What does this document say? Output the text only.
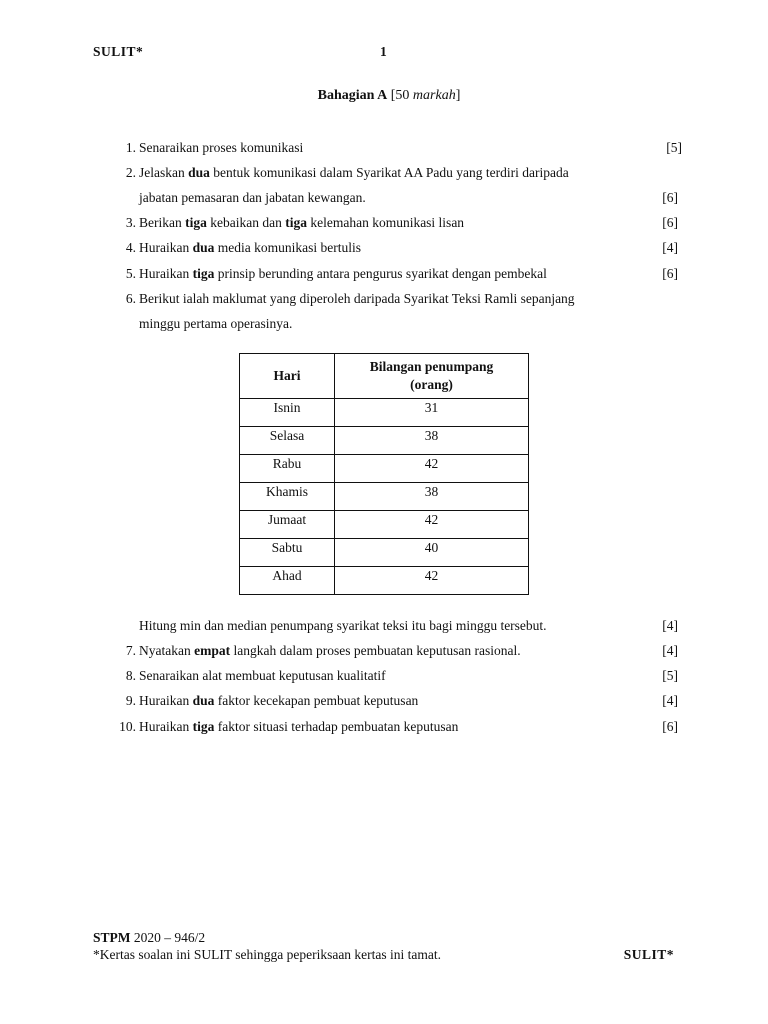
SULIT*	1
Bahagian A [50 markah]
1. Senaraikan proses komunikasi	[5]
2. Jelaskan dua bentuk komunikasi dalam Syarikat AA Padu yang terdiri daripada
jabatan pemasaran dan jabatan kewangan.	[6]
3. Berikan tiga kebaikan dan tiga kelemahan komunikasi lisan	[6]
4. Huraikan dua media komunikasi bertulis	[4]
5. Huraikan tiga prinsip berunding antara pengurus syarikat dengan pembekal	[6]
6. Berikut ialah maklumat yang diperoleh daripada Syarikat Teksi Ramli sepanjang
minggu pertama operasinya.
Hari	Bilangan penumpang
(orang)
Isnin	31
Selasa	38
Rabu	42
Khamis	38
Jumaat	42
Sabtu	40
Ahad	42
Hitung min dan median penumpang syarikat teksi itu bagi minggu tersebut.	[4]
7. Nyatakan empat langkah dalam proses pembuatan keputusan rasional.	[4]
8. Senaraikan alat membuat keputusan kualitatif	[5]
9. Huraikan dua faktor kecekapan pembuat keputusan	[4]
10. Huraikan tiga faktor situasi terhadap pembuatan keputusan	[6]
STPM 2020 – 946/2
*Kertas soalan ini SULIT sehingga peperiksaan kertas ini tamat.	SULIT*
